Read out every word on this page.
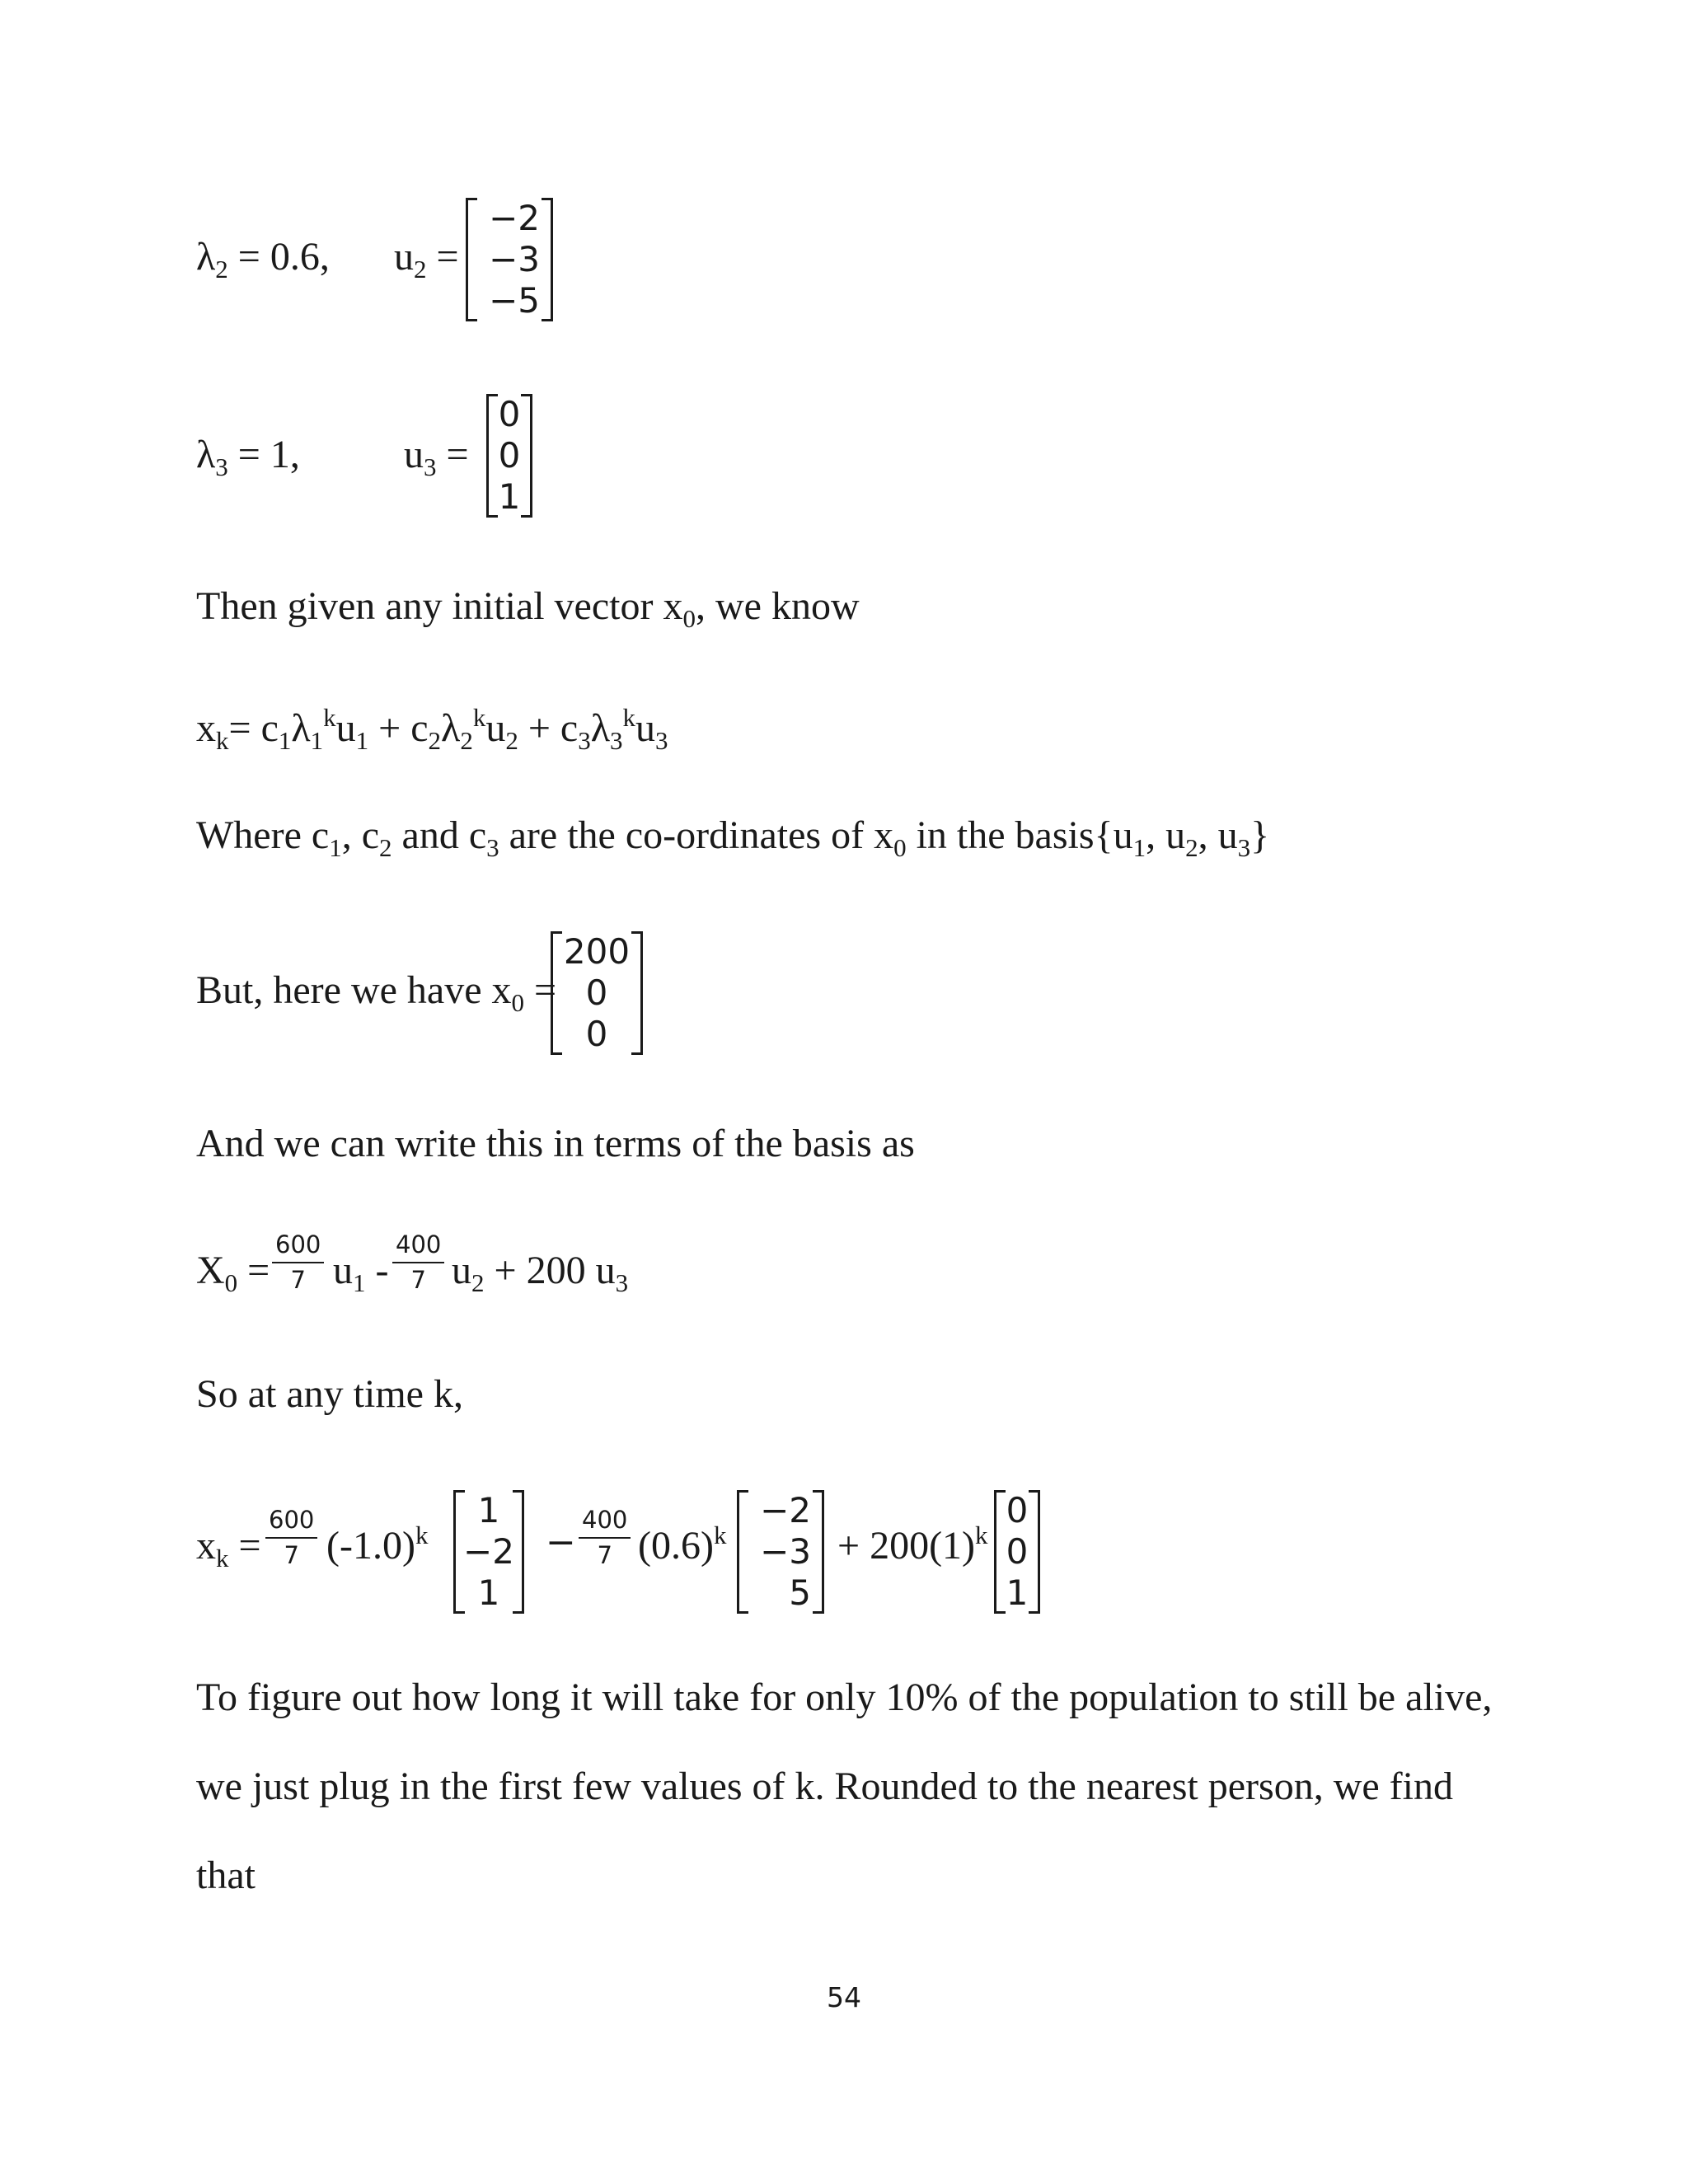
$\lambda_2 = 0.6$, $u_2$ =
−2
−3
−5
$\lambda_3 = 1$,	$u_3$ =
0
0
1
Then given any initial vector $x_0$, we know
$x_k= c_1\lambda_1^ku_1 + c_2\lambda_2^ku_2 + c_3\lambda_3^ku_3$
Where $c_1$, $c_2$ and $c_3$ are the co-ordinates of $x_0$ in the $basis\{u_1$, $u_2$, $u_3$}
But, here we have $x_0$ =
200
0
0
And we can write this in terms of the basis as
$X_0$ =
600
7 $u_1$ -
400
7 $u_2 + 200$ $u_3$
So at any time k,
$x_k$ =
600
7 $(-1.0)^k$
1
−2
1
−
400
7 $(0.6)^k$
−2
−3
5
+ $200(1)^k$
0
0
1
To figure out how long it will take for only 10% of the population to still be alive,
we just plug in the first few values of k. Rounded to the nearest person, we find
that
54
